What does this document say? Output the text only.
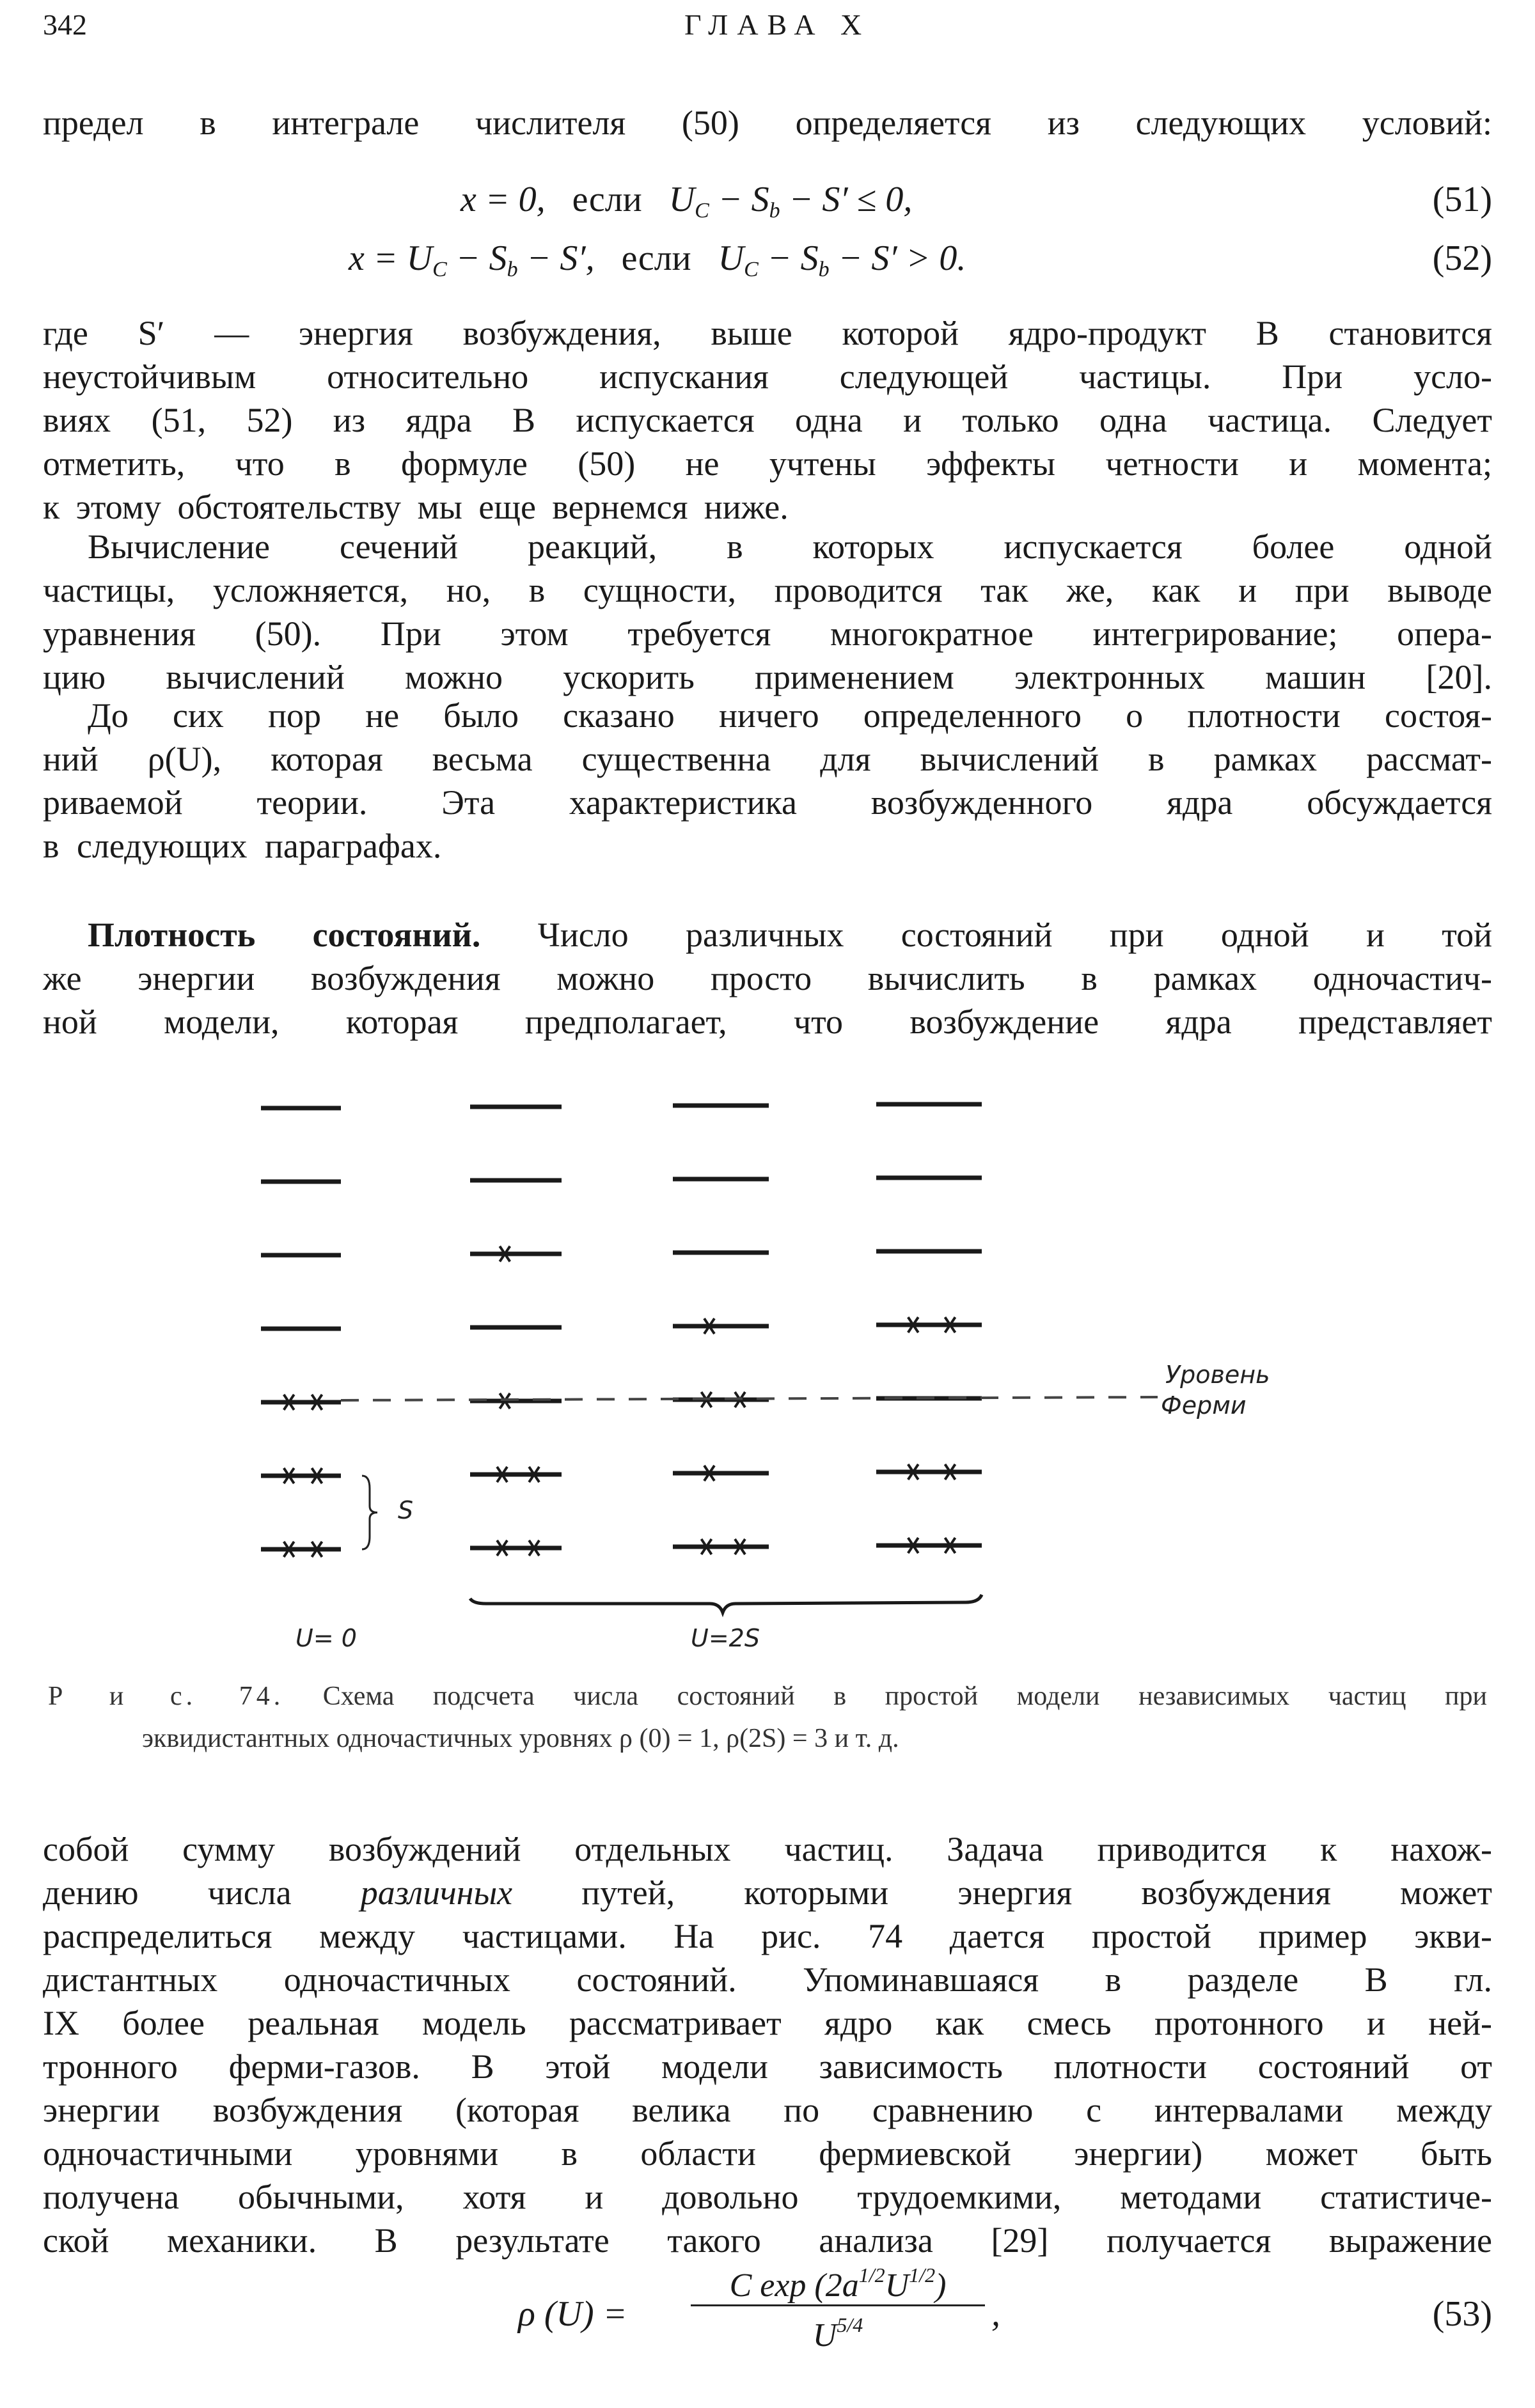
342	ГЛАВА X
предел в интеграле числителя (50) определяется из следующих условий:
x = 0, если $U_C - S_b - S' \le 0$,	(51)
$x = U_C - S_b - S'$, если $U_C - S_b - S' > 0$.	(52)
где S′ — энергия возбуждения, выше которой ядро-продукт B становится
неустойчивым относительно испускания следующей частицы. При усло-
виях (51, 52) из ядра B испускается одна и только одна частица. Следует
отметить, что в формуле (50) не учтены эффекты четности и момента;
к этому обстоятельству мы еще вернемся ниже.
Вычисление сечений реакций, в которых испускается более одной
частицы, усложняется, но, в сущности, проводится так же, как и при выводе
уравнения (50). При этом требуется многократное интегрирование; опера-
цию вычислений можно ускорить применением электронных машин [20].
До сих пор не было сказано ничего определенного о плотности состоя-
ний ρ(U), которая весьма существенна для вычислений в рамках рассмат-
риваемой теории. Эта характеристика возбужденного ядра обсуждается
в следующих параграфах.
Плотность состояний. Число различных состояний при одной и той
же энергии возбуждения можно просто вычислить в рамках одночастич-
ной модели, которая предполагает, что возбуждение ядра представляет
Уровень
Ферми
S
U= 0	U=2S
Р и с. 74. Схема подсчета числа состояний в простой модели независимых частиц при
эквидистантных одночастичных уровнях ρ (0) = 1, ρ(2S) = 3 и т. д.
собой сумму возбуждений отдельных частиц. Задача приводится к нахож-
дению числа различных путей, которыми энергия возбуждения может
распределиться между частицами. На рис. 74 дается простой пример экви-
дистантных одночастичных состояний. Упоминавшаяся в разделе В гл.
IX более реальная модель рассматривает ядро как смесь протонного и ней-
тронного ферми-газов. В этой модели зависимость плотности состояний от
энергии возбуждения (которая велика по сравнению с интервалами между
одночастичными уровнями в области фермиевской энергии) может быть
получена обычными, хотя и довольно трудоемкими, методами статистиче-
ской механики. В результате такого анализа [29] получается выражение
ρ (U) =
C $\exp (2a^{1/2}U^{1/2})$
$U^{5/4}$	,	(53)
